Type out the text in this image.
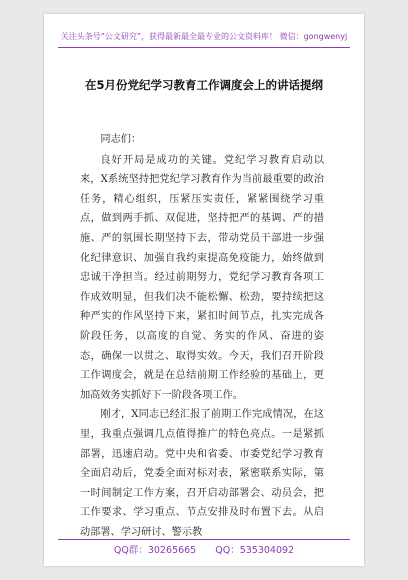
关注头条号“公文研究”，获得最新最全最专业的公文资料库！ 微信：gongwenyj
在5月份党纪学习教育工作调度会上的讲话提纲

同志们：

良好开局是成功的关键。党纪学习教育启动以来，X系统坚持把党纪学习教育作为当前最重要的政治任务，精心组织，压紧压实责任，紧紧围绕学习重点，做到两手抓、双促进，坚持把严的基调、严的措施、严的氛围长期坚持下去，带动党员干部进一步强化纪律意识、加强自我约束提高免疫能力，始终做到忠诚干净担当。经过前期努力，党纪学习教育各项工作成效明显，但我们决不能松懈、松劲，要持续把这种严实的作风坚持下来，紧扣时间节点，扎实完成各阶段任务，以高度的自觉、务实的作风、奋进的姿态，确保一以贯之、取得实效。今天，我们召开阶段工作调度会，就是在总结前期工作经验的基础上，更加高效务实抓好下一阶段各项工作。

刚才，X同志已经汇报了前期工作完成情况，在这里，我重点强调几点值得推广的特色亮点。一是紧抓部署，迅速启动。党中央和省委、市委党纪学习教育全面启动后，党委全面对标对表，紧密联系实际，第一时间制定工作方案，召开启动部署会、动员会，把工作要求、学习重点、节点安排及时布置下去。从启动部署、学习研讨、警示教

QQ群：30265665 QQ：535304092
